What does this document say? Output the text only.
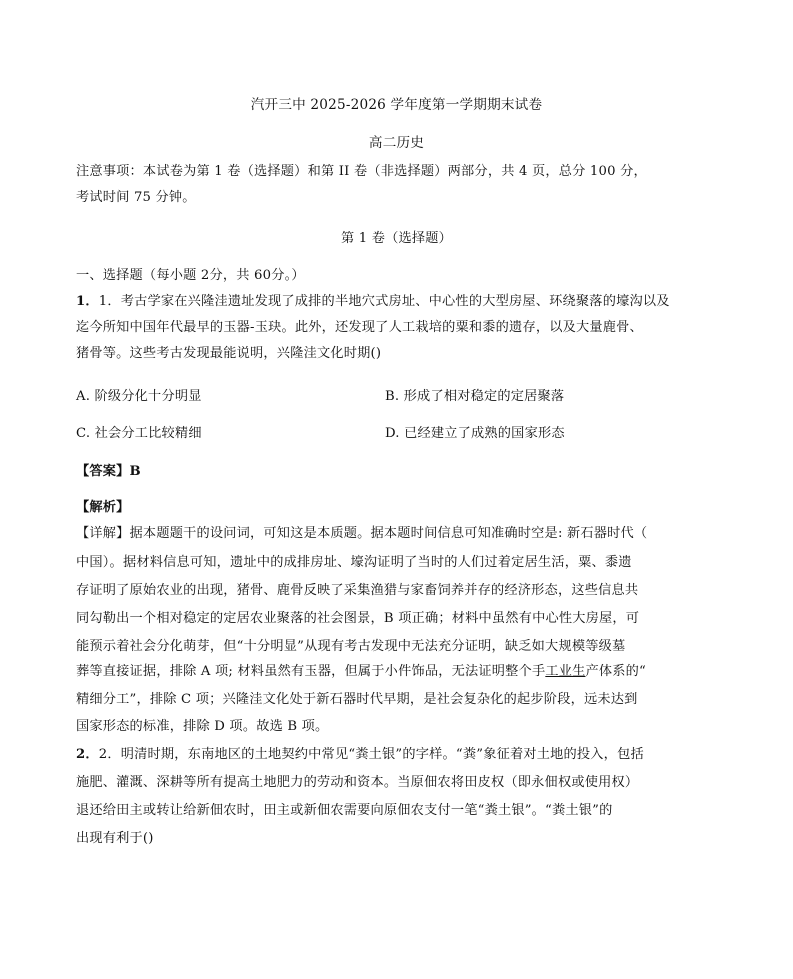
汽开三中 2025-2026 学年度第一学期期末试卷
高二历史
注意事项：本试卷为第 1 卷（选择题）和第 II 卷（非选择题）两部分，共 4 页，总分 100 分，
考试时间 75 分钟。
第 1 卷（选择题）
一、选择题（每小题 2分，共 60分。）
1．1．考古学家在兴隆洼遗址发现了成排的半地穴式房址、中心性的大型房屋、环绕聚落的壕沟以及
迄今所知中国年代最早的玉器-玉玦。此外，还发现了人工栽培的粟和黍的遗存，以及大量鹿骨、
猪骨等。这些考古发现最能说明，兴隆洼文化时期()
A. 阶级分化十分明显	B. 形成了相对稳定的定居聚落
C. 社会分工比较精细	D. 已经建立了成熟的国家形态
【答案】B
【解析】
【详解】据本题题干的设问词，可知这是本质题。据本题时间信息可知准确时空是: 新石器时代（
中国）。据材料信息可知，遗址中的成排房址、壕沟证明了当时的人们过着定居生活，粟、黍遗
存证明了原始农业的出现，猪骨、鹿骨反映了采集渔猎与家畜饲养并存的经济形态，这些信息共
同勾勒出一个相对稳定的定居农业聚落的社会图景，B 项正确；材料中虽然有中心性大房屋，可
能预示着社会分化萌芽，但“十分明显”从现有考古发现中无法充分证明，缺乏如大规模等级墓
葬等直接证据，排除 A 项; 材料虽然有玉器，但属于小件饰品，无法证明整个手工业生产体系的“
精细分工”，排除 C 项；兴隆洼文化处于新石器时代早期，是社会复杂化的起步阶段，远未达到
国家形态的标准，排除 D 项。故选 B 项。
2．2．明清时期，东南地区的土地契约中常见“粪土银”的字样。“粪”象征着对土地的投入，包括
施肥、灌溉、深耕等所有提高土地肥力的劳动和资本。当原佃农将田皮权（即永佃权或使用权）
退还给田主或转让给新佃农时，田主或新佃农需要向原佃农支付一笔“粪土银”。“粪土银”的
出现有利于()
